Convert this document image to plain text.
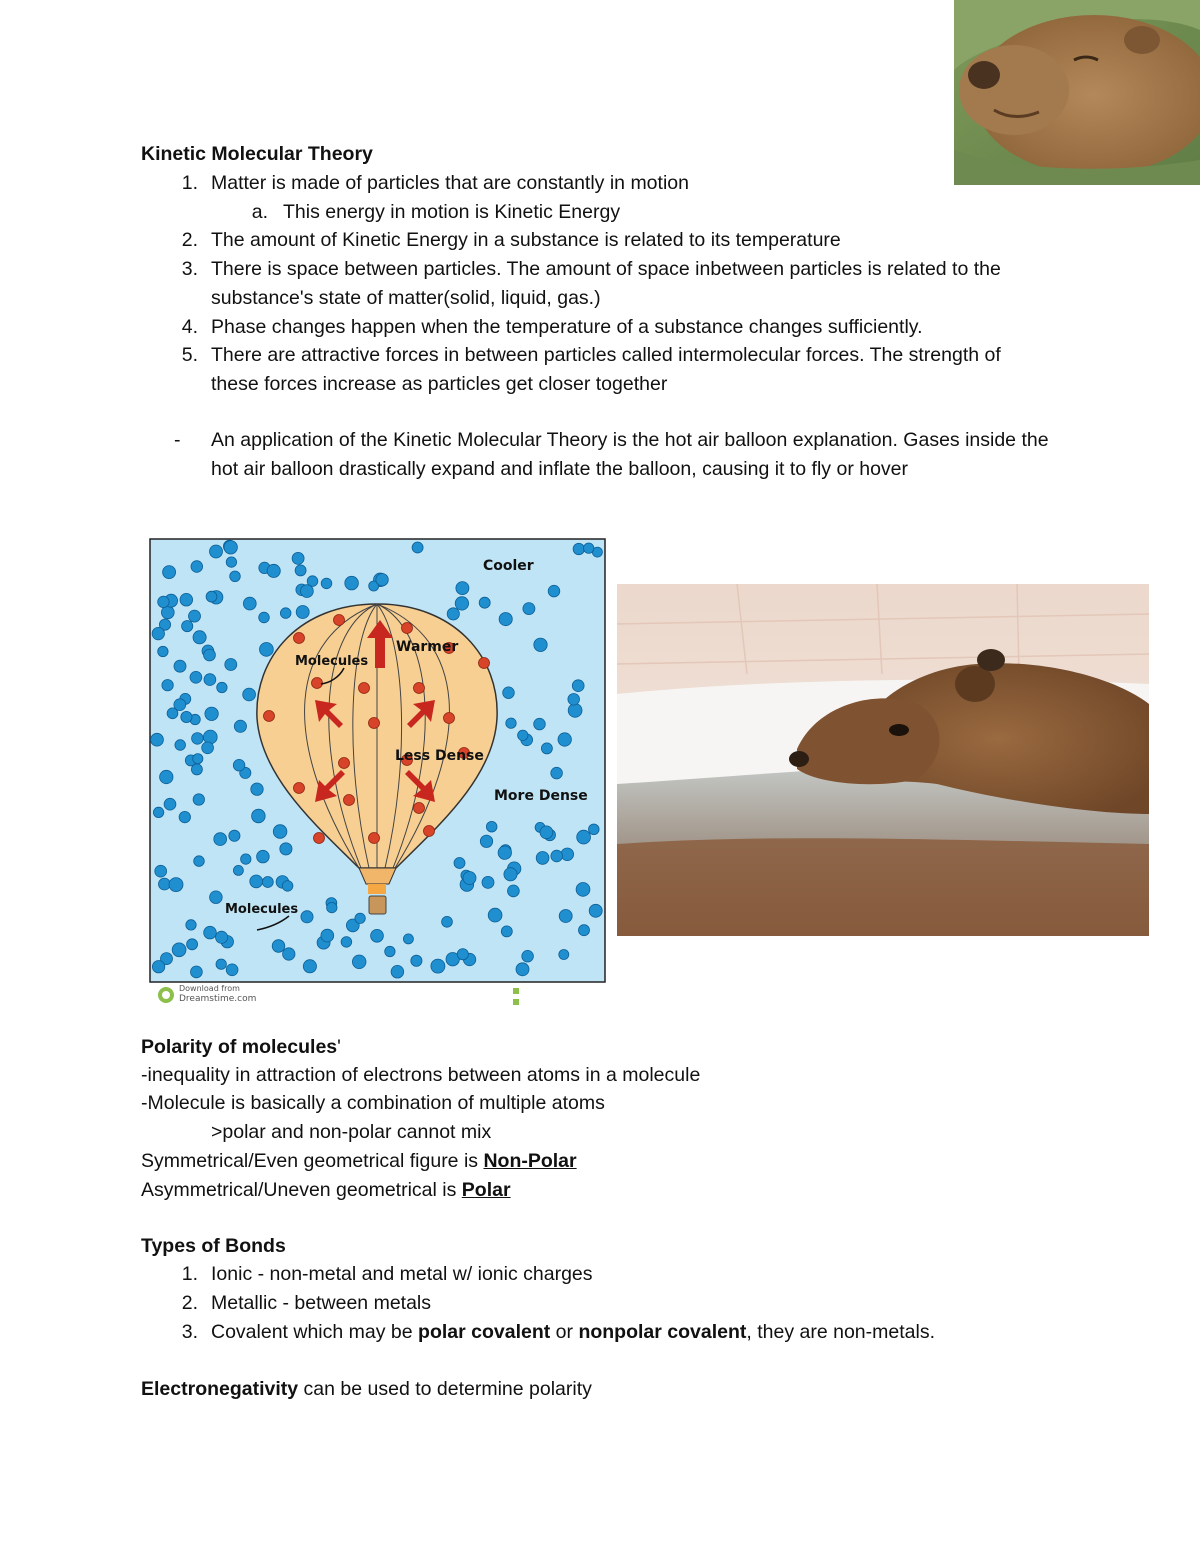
Kinetic Molecular Theory
1. Matter is made of particles that are constantly in motion
a. This energy in motion is Kinetic Energy
2. The amount of Kinetic Energy in a substance is related to its temperature
3. There is space between particles. The amount of space inbetween particles is related to the substance's state of matter(solid, liquid, gas.)
4. Phase changes happen when the temperature of a substance changes sufficiently.
5. There are attractive forces in between particles called intermolecular forces. The strength of these forces increase as particles get closer together
- An application of the Kinetic Molecular Theory is the hot air balloon explanation. Gases inside the hot air balloon drastically expand and inflate the balloon, causing it to fly or hover
Cooler
Warmer
Molecules
Less Dense
More Dense
Molecules
Download from
Dreamstime.com
Polarity of molecules'
-inequality in attraction of electrons between atoms in a molecule
-Molecule is basically a combination of multiple atoms
>polar and non-polar cannot mix
Symmetrical/Even geometrical figure is Non-Polar
Asymmetrical/Uneven geometrical is Polar
Types of Bonds
1. Ionic - non-metal and metal w/ ionic charges
2. Metallic - between metals
3. Covalent which may be polar covalent or nonpolar covalent, they are non-metals.
Electronegativity can be used to determine polarity
